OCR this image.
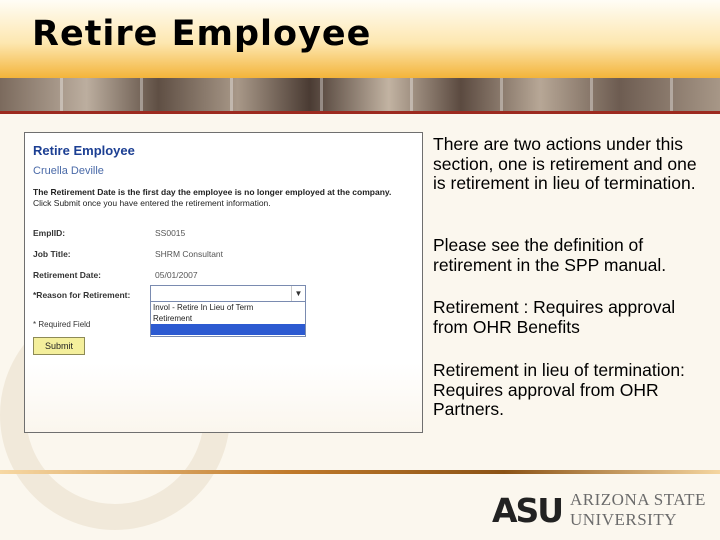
Retire Employee
Retire Employee
Cruella Deville
The Retirement Date is the first day the employee is no longer employed at the company.
Click Submit once you have entered the retirement information.
EmplID:	SS0015
Job Title:	SHRM Consultant
Retirement Date:	05/01/2007
*Reason for Retirement:	▼
Invol - Retire In Lieu of Term
Retirement
* Required Field
Submit
There are two actions under this section, one is retirement and one is retirement in lieu of termination.
Please see the definition of retirement in the SPP manual.
Retirement : Requires approval from OHR Benefits
Retirement in lieu of termination: Requires approval from OHR Partners.
ASU ARIZONA STATE
UNIVERSITY
